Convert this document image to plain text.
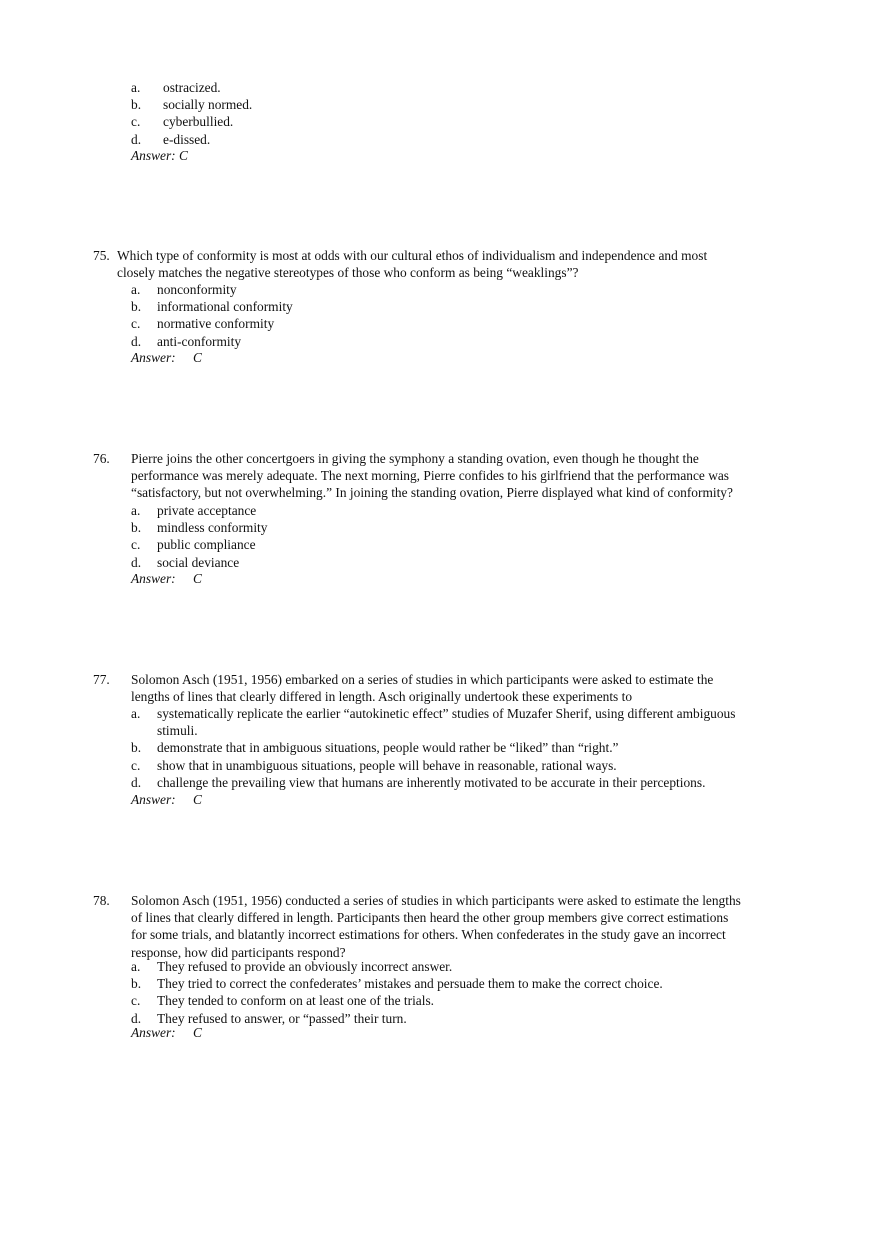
a. ostracized.
b. socially normed.
c. cyberbullied.
d. e-dissed.
Answer: C
75. Which type of conformity is most at odds with our cultural ethos of individualism and independence and most
closely matches the negative stereotypes of those who conform as being “weaklings”?
a. nonconformity
b. informational conformity
c. normative conformity
d. anti-conformity
Answer: C
76. Pierre joins the other concertgoers in giving the symphony a standing ovation, even though he thought the
performance was merely adequate. The next morning, Pierre confides to his girlfriend that the performance was
“satisfactory, but not overwhelming.” In joining the standing ovation, Pierre displayed what kind of conformity?
a. private acceptance
b. mindless conformity
c. public compliance
d. social deviance
Answer: C
77. Solomon Asch (1951, 1956) embarked on a series of studies in which participants were asked to estimate the
lengths of lines that clearly differed in length. Asch originally undertook these experiments to
a. systematically replicate the earlier “autokinetic effect” studies of Muzafer Sherif, using different ambiguous
stimuli.
b. demonstrate that in ambiguous situations, people would rather be “liked” than “right.”
c. show that in unambiguous situations, people will behave in reasonable, rational ways.
d. challenge the prevailing view that humans are inherently motivated to be accurate in their perceptions.
Answer: C
78. Solomon Asch (1951, 1956) conducted a series of studies in which participants were asked to estimate the lengths
of lines that clearly differed in length. Participants then heard the other group members give correct estimations
for some trials, and blatantly incorrect estimations for others. When confederates in the study gave an incorrect
response, how did participants respond?
a. They refused to provide an obviously incorrect answer.
b. They tried to correct the confederates’ mistakes and persuade them to make the correct choice.
c. They tended to conform on at least one of the trials.
d. They refused to answer, or “passed” their turn.
Answer: C
